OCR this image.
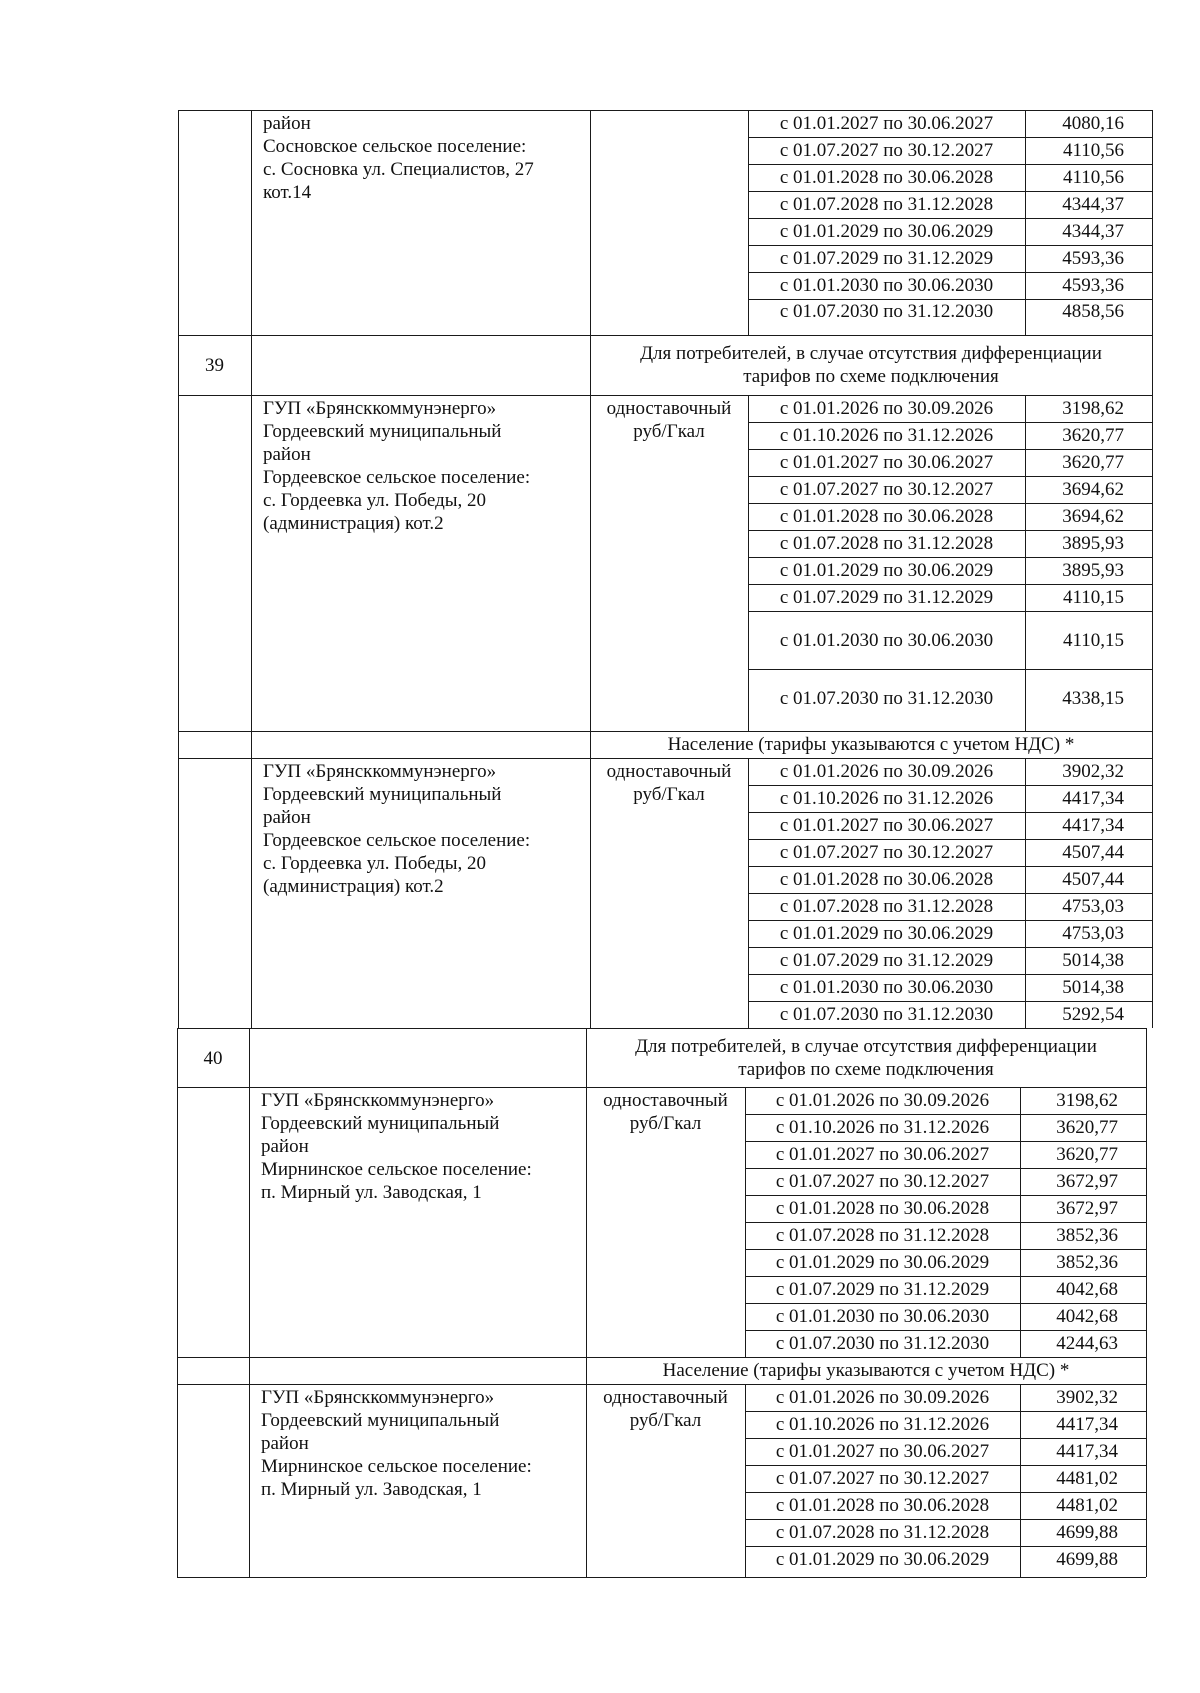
район
Сосновское сельское поселение:
с. Сосновка ул. Специалистов, 27
кот.14
с 01.01.2027 по 30.06.2027	4080,16
с 01.07.2027 по 30.12.2027	4110,56
с 01.01.2028 по 30.06.2028	4110,56
с 01.07.2028 по 31.12.2028	4344,37
с 01.01.2029 по 30.06.2029	4344,37
с 01.07.2029 по 31.12.2029	4593,36
с 01.01.2030 по 30.06.2030	4593,36
с 01.07.2030 по 31.12.2030	4858,56
39
Для потребителей, в случае отсутствия дифференциации
тарифов по схеме подключения
ГУП «Брянсккоммунэнерго»
Гордеевский муниципальный
район
Гордеевское сельское поселение:
с. Гордеевка ул. Победы, 20
(администрация) кот.2
одноставочный
руб/Гкал
с 01.01.2026 по 30.09.2026	3198,62
с 01.10.2026 по 31.12.2026	3620,77
с 01.01.2027 по 30.06.2027	3620,77
с 01.07.2027 по 30.12.2027	3694,62
с 01.01.2028 по 30.06.2028	3694,62
с 01.07.2028 по 31.12.2028	3895,93
с 01.01.2029 по 30.06.2029	3895,93
с 01.07.2029 по 31.12.2029	4110,15
с 01.01.2030 по 30.06.2030	4110,15
с 01.07.2030 по 31.12.2030	4338,15
Население (тарифы указываются с учетом НДС) *
ГУП «Брянсккоммунэнерго»
Гордеевский муниципальный
район
Гордеевское сельское поселение:
с. Гордеевка ул. Победы, 20
(администрация) кот.2
одноставочный
руб/Гкал
с 01.01.2026 по 30.09.2026	3902,32
с 01.10.2026 по 31.12.2026	4417,34
с 01.01.2027 по 30.06.2027	4417,34
с 01.07.2027 по 30.12.2027	4507,44
с 01.01.2028 по 30.06.2028	4507,44
с 01.07.2028 по 31.12.2028	4753,03
с 01.01.2029 по 30.06.2029	4753,03
с 01.07.2029 по 31.12.2029	5014,38
с 01.01.2030 по 30.06.2030	5014,38
с 01.07.2030 по 31.12.2030	5292,54
40
Для потребителей, в случае отсутствия дифференциации
тарифов по схеме подключения
ГУП «Брянсккоммунэнерго»
Гордеевский муниципальный
район
Мирнинское сельское поселение:
п. Мирный ул. Заводская, 1
одноставочный
руб/Гкал
с 01.01.2026 по 30.09.2026	3198,62
с 01.10.2026 по 31.12.2026	3620,77
с 01.01.2027 по 30.06.2027	3620,77
с 01.07.2027 по 30.12.2027	3672,97
с 01.01.2028 по 30.06.2028	3672,97
с 01.07.2028 по 31.12.2028	3852,36
с 01.01.2029 по 30.06.2029	3852,36
с 01.07.2029 по 31.12.2029	4042,68
с 01.01.2030 по 30.06.2030	4042,68
с 01.07.2030 по 31.12.2030	4244,63
Население (тарифы указываются с учетом НДС) *
ГУП «Брянсккоммунэнерго»
Гордеевский муниципальный
район
Мирнинское сельское поселение:
п. Мирный ул. Заводская, 1
одноставочный
руб/Гкал
с 01.01.2026 по 30.09.2026	3902,32
с 01.10.2026 по 31.12.2026	4417,34
с 01.01.2027 по 30.06.2027	4417,34
с 01.07.2027 по 30.12.2027	4481,02
с 01.01.2028 по 30.06.2028	4481,02
с 01.07.2028 по 31.12.2028	4699,88
с 01.01.2029 по 30.06.2029	4699,88
